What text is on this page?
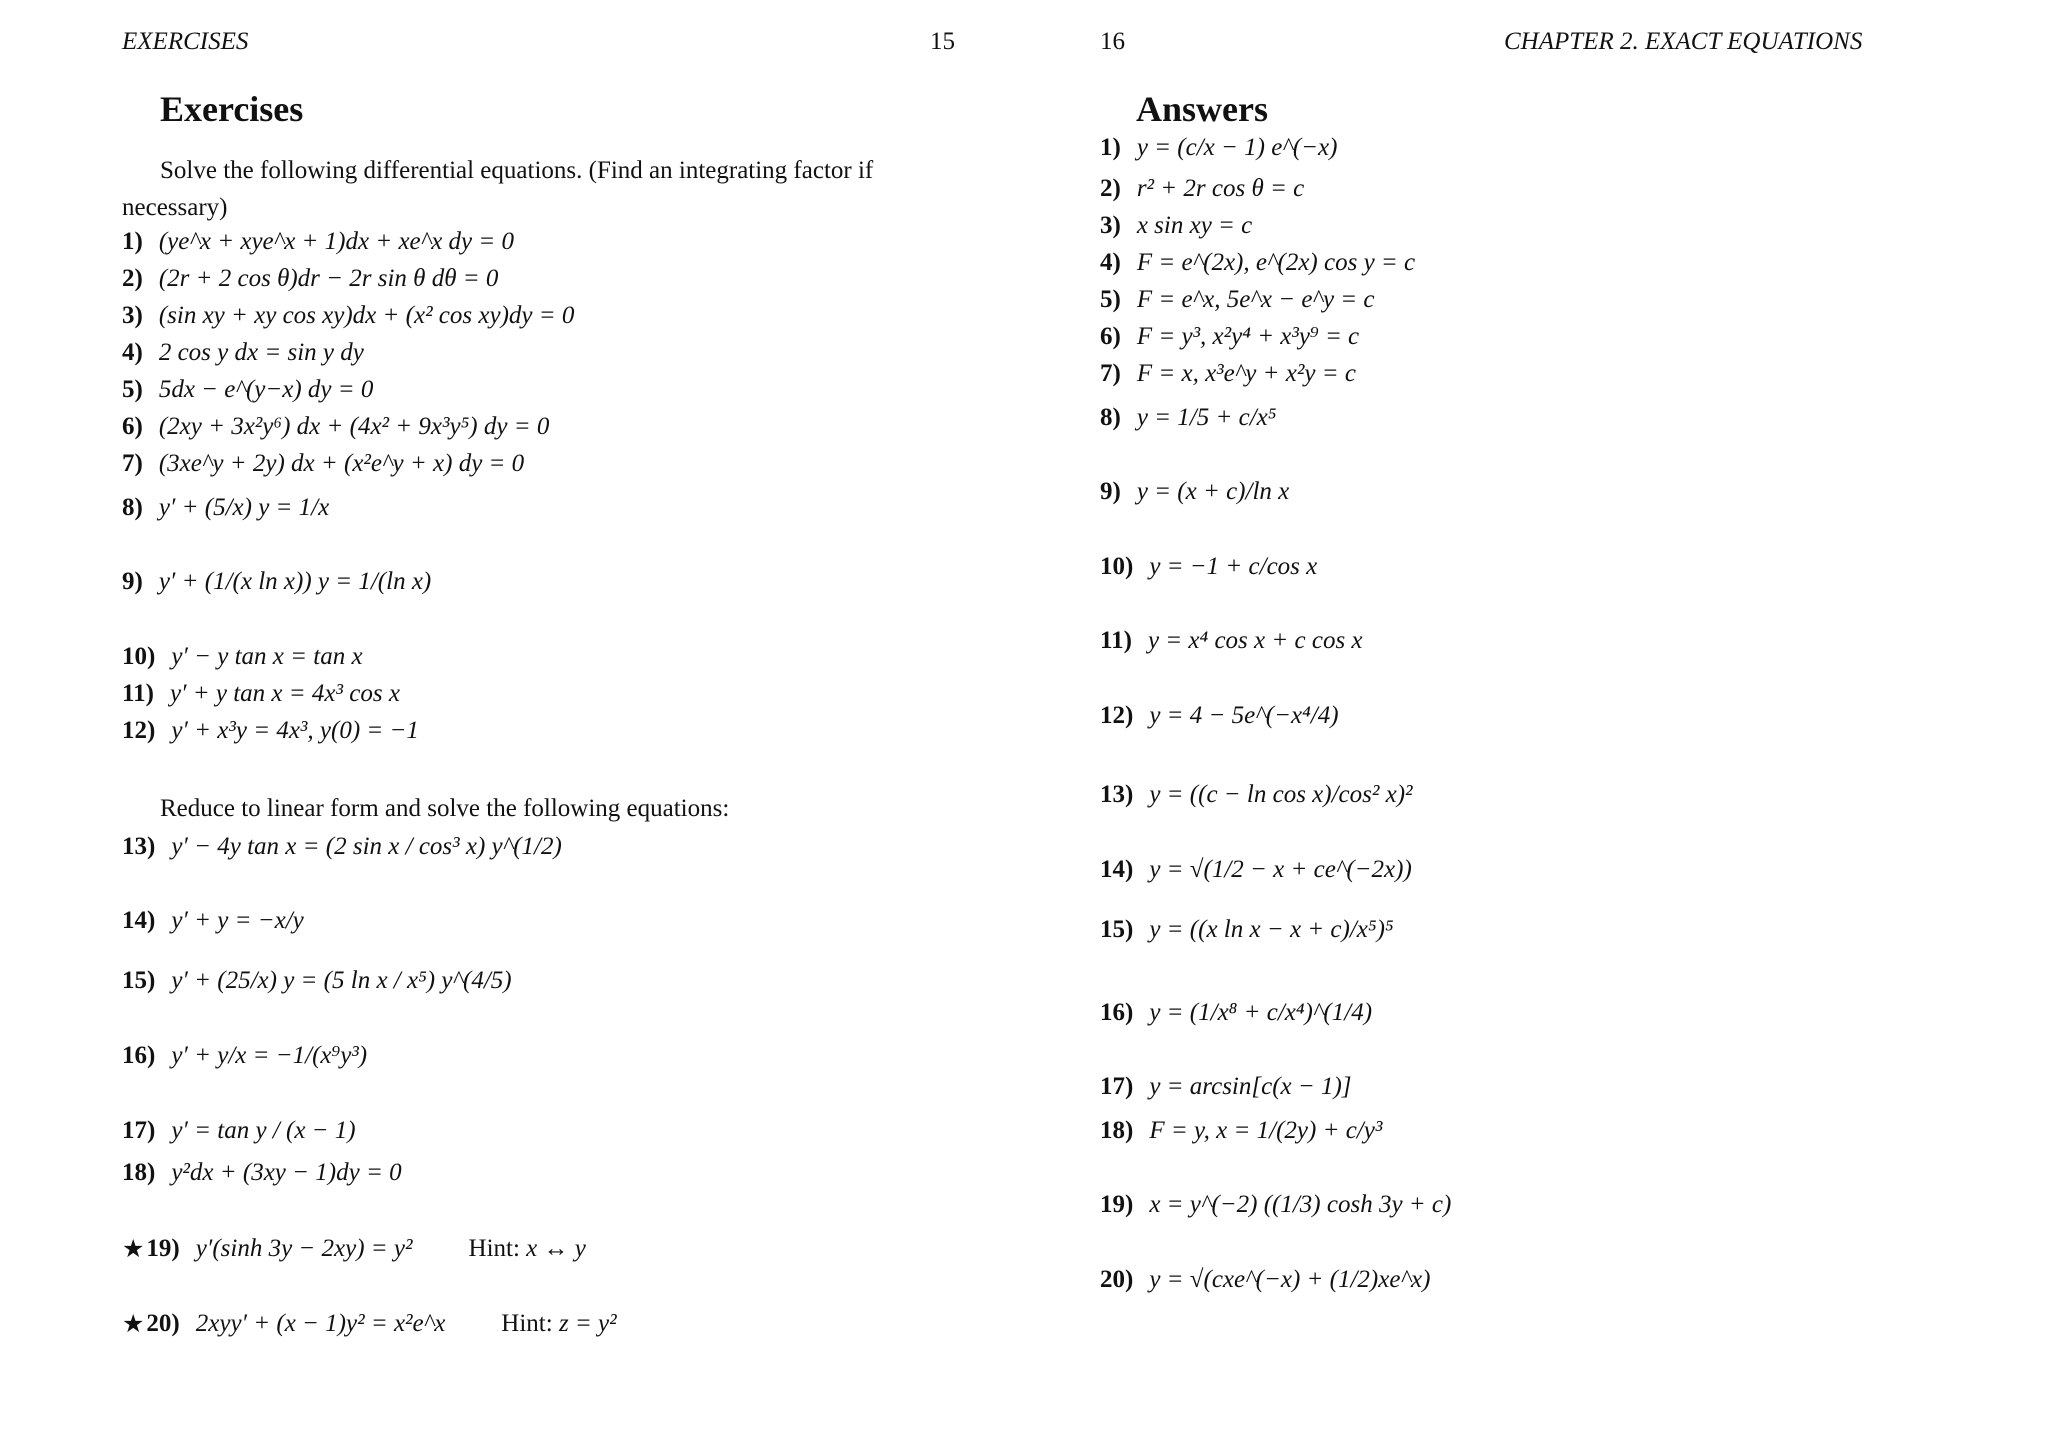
EXERCISES	15
Exercises
Solve the following differential equations. (Find an integrating factor if necessary)
1) (ye^x + xye^x + 1)dx + xe^x dy = 0
2) (2r + 2 cos θ)dr − 2r sin θ dθ = 0
3) (sin xy + xy cos xy)dx + (x² cos xy)dy = 0
4) 2 cos y dx = sin y dy
5) 5dx − e^(y−x) dy = 0
6) (2xy + 3x²y⁶) dx + (4x² + 9x³y⁵) dy = 0
7) (3xe^y + 2y) dx + (x²e^y + x) dy = 0
8) y′ + (5/x) y = 1/x
9) y′ + (1/(x ln x)) y = 1/(ln x)
10) y′ − y tan x = tan x
11) y′ + y tan x = 4x³ cos x
12) y′ + x³y = 4x³, y(0) = −1
Reduce to linear form and solve the following equations:
13) y′ − 4y tan x = (2 sin x / cos³ x) y^(1/2)
14) y′ + y = −x/y
15) y′ + (25/x) y = (5 ln x / x⁵) y^(4/5)
16) y′ + y/x = −1/(x⁹y³)
17) y′ = tan y / (x − 1)
18) y²dx + (3xy − 1)dy = 0
★ 19) y′(sinh 3y − 2xy) = y² Hint: x ↔ y
★ 20) 2xyy′ + (x − 1)y² = x²e^x Hint: z = y²
16	CHAPTER 2. EXACT EQUATIONS
Answers
1) y = (c/x − 1) e^(−x)
2) r² + 2r cos θ = c
3) x sin xy = c
4) F = e^(2x), e^(2x) cos y = c
5) F = e^x, 5e^x − e^y = c
6) F = y³, x²y⁴ + x³y⁹ = c
7) F = x, x³e^y + x²y = c
8) y = 1/5 + c/x⁵
9) y = (x + c)/ln x
10) y = −1 + c/cos x
11) y = x⁴ cos x + c cos x
12) y = 4 − 5e^(−x⁴/4)
13) y = ((c − ln cos x)/cos² x)²
14) y = √(1/2 − x + ce^(−2x))
15) y = ((x ln x − x + c)/x⁵)⁵
16) y = (1/x⁸ + c/x⁴)^(1/4)
17) y = arcsin[c(x − 1)]
18) F = y, x = 1/(2y) + c/y³
19) x = y^(−2) ((1/3) cosh 3y + c)
20) y = √(cxe^(−x) + (1/2)xe^x)
